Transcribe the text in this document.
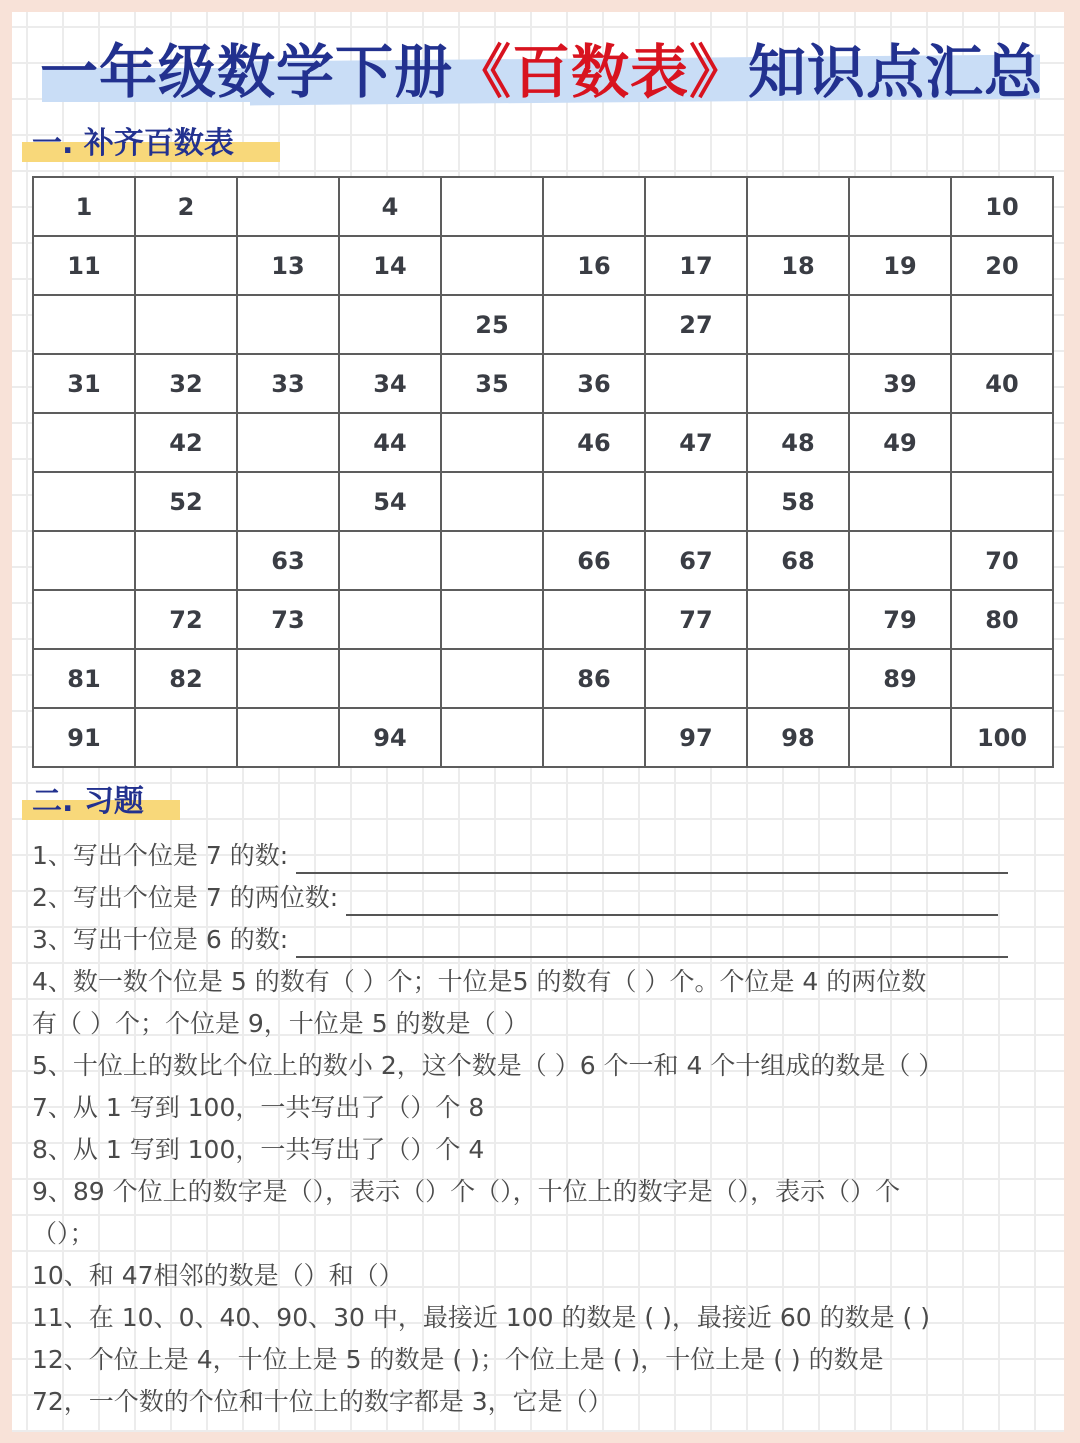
一年级数学下册《百数表》知识点汇总
一. 补齐百数表
1	2		4						10
11		13	14		16	17	18	19	20
				25		27			
31	32	33	34	35	36			39	40
	42		44		46	47	48	49	
	52		54				58		
		63			66	67	68		70
	72	73				77		79	80
81	82				86			89	
91			94			97	98		100
二. 习题
1、写出个位是 7 的数:
2、写出个位是 7 的两位数:
3、写出十位是 6 的数:
4、数一数个位是 5 的数有（ ）个；十位是5 的数有（ ）个。个位是 4 的两位数
有（ ）个；个位是 9，十位是 5 的数是（ ）
5、十位上的数比个位上的数小 2，这个数是（ ）6 个一和 4 个十组成的数是（ ）
7、从 1 写到 100，一共写出了（）个 8
8、从 1 写到 100，一共写出了（）个 4
9、89 个位上的数字是（），表示（）个（），十位上的数字是（），表示（）个
（）；
10、和 47相邻的数是（）和（）
11、在 10、0、40、90、30 中，最接近 100 的数是 ( )，最接近 60 的数是 ( )
12、个位上是 4，十位上是 5 的数是 ( )；个位上是 ( )，十位上是 ( ) 的数是
72，一个数的个位和十位上的数字都是 3，它是（）
